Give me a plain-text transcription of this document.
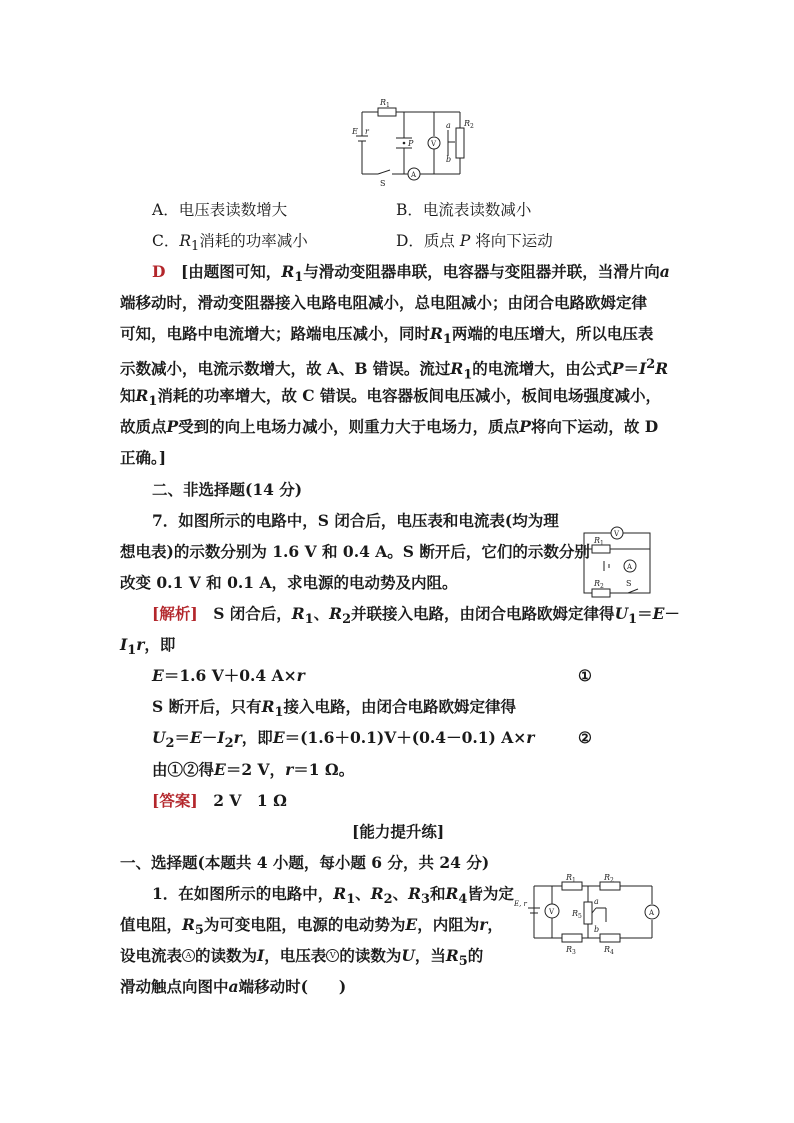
$R_1$
E r
P	V
a
b
$R_2$
S
A
A．电压表读数增大	B．电流表读数减小
C．$R_1$消耗的功率减小	D．质点 P 将向下运动
D　 [由题图可知，$R_1$与滑动变阻器串联，电容器与变阻器并联，当滑片向a
端移动时，滑动变阻器接入电路电阻减小，总电阻减小；由闭合电路欧姆定律
可知，电路中电流增大；路端电压减小，同时$R_1$两端的电压增大，所以电压表
示数减小，电流示数增大，故 A、B 错误。流过$R_1$的电流增大，由公式$P=I^2R$
知$R_1$消耗的功率增大，故 C 错误。电容器板间电压减小，板间电场强度减小，
故质点P受到的向上电场力减小，则重力大于电场力，质点P将向下运动，故 D
正确。]
二、非选择题(14 分)
7．如图所示的电路中，S 闭合后，电压表和电流表(均为理
想电表)的示数分别为 1.6 V 和 0.4 A。S 断开后，它们的示数分别
改变 0.1 V 和 0.1 A，求电源的电动势及内阻。
V
$R_1$
A
$R_2$	S
[解析]　 S 闭合后，$R_1$、$R_2$并联接入电路，由闭合电路欧姆定律得$U_1=E-$
$I_1r$，即
E＝1.6 V＋0.4 A×r	①
S 断开后，只有$R_1$接入电路，由闭合电路欧姆定律得
$U_2=E-I_2r$，即E＝(1.6＋0.1)V＋(0.4－0.1) A×r	②
由①②得E＝2 V，r＝1 Ω。
[答案]　 2 V　1 Ω
[能力提升练]
一、选择题(本题共 4 小题，每小题 6 分，共 24 分)
1．在如图所示的电路中，$R_1$、$R_2$、$R_3$和$R_4$皆为定
值电阻，$R_5$为可变电阻，电源的电动势为E，内阻为r，
设电流表 A 的读数为I，电压表 V 的读数为U，当$R_5$的
滑动触点向图中a端移动时(　　)
$R_1$	$R_2$
E, r
V $R_5$
a
b
A
$R_3$	$R_4$
